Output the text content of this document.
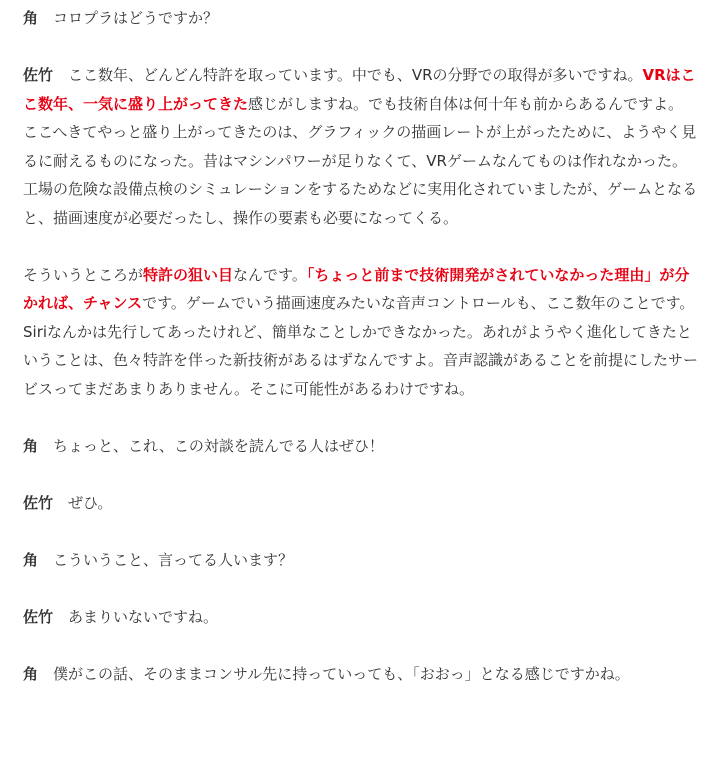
角 コロプラはどうですか？

佐竹 ここ数年、どんどん特許を取っています。中でも、VRの分野での取得が多いですね。VRはここ数年、一気に盛り上がってきた感じがしますね。でも技術自体は何十年も前からあるんですよ。ここへきてやっと盛り上がってきたのは、グラフィックの描画レートが上がったために、ようやく見るに耐えるものになった。昔はマシンパワーが足りなくて、VRゲームなんてものは作れなかった。工場の危険な設備点検のシミュレーションをするためなどに実用化されていましたが、ゲームとなると、描画速度が必要だったし、操作の要素も必要になってくる。

そういうところが特許の狙い目なんです。「ちょっと前まで技術開発がされていなかった理由」が分かれば、チャンスです。ゲームでいう描画速度みたいな音声コントロールも、ここ数年のことです。Siriなんかは先行してあったけれど、簡単なことしかできなかった。あれがようやく進化してきたということは、色々特許を伴った新技術があるはずなんですよ。音声認識があることを前提にしたサービスってまだあまりありません。そこに可能性があるわけですね。

角 ちょっと、これ、この対談を読んでる人はぜひ！

佐竹 ぜひ。

角 こういうこと、言ってる人います？

佐竹 あまりいないですね。

角 僕がこの話、そのままコンサル先に持っていっても、「おおっ」となる感じですかね。
